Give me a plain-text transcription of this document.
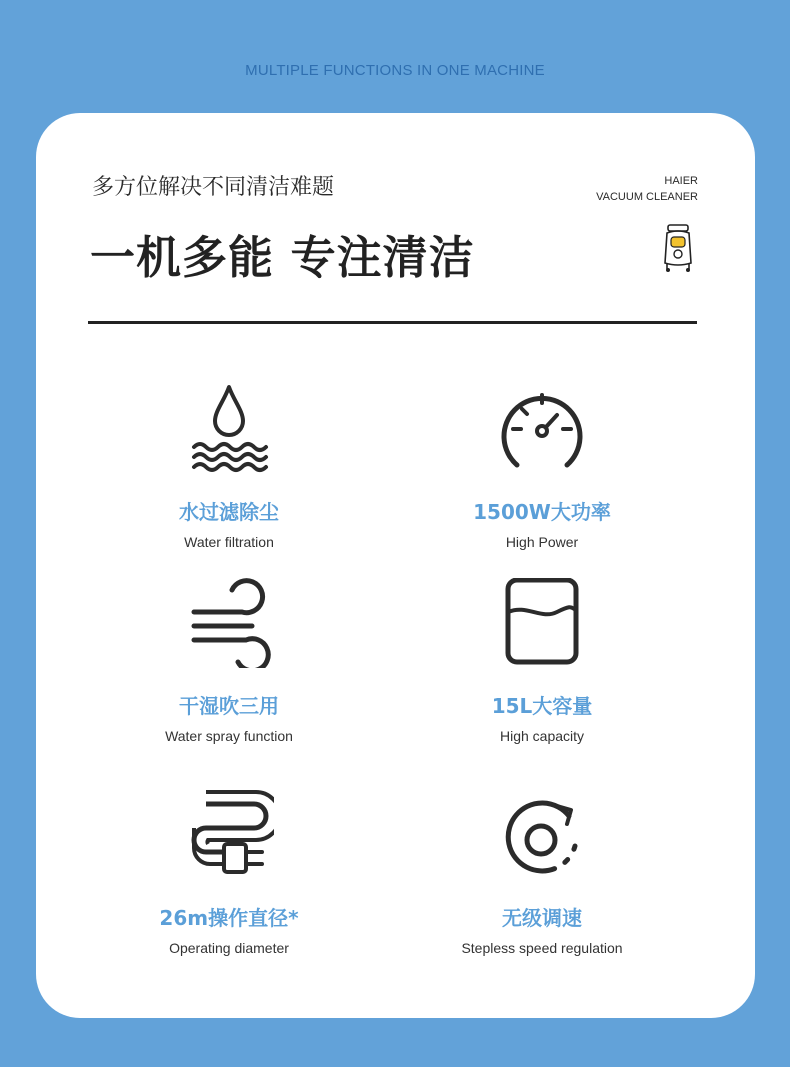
MULTIPLE FUNCTIONS IN ONE MACHINE
多方位解决不同清洁难题	HAIER
VACUUM CLEANER
一机多能 专注清洁
水过滤除尘
Water filtration
1500W大功率
High Power
干湿吹三用
Water spray function
15L大容量
High capacity
26m操作直径*
Operating diameter
无级调速
Stepless speed regulation
